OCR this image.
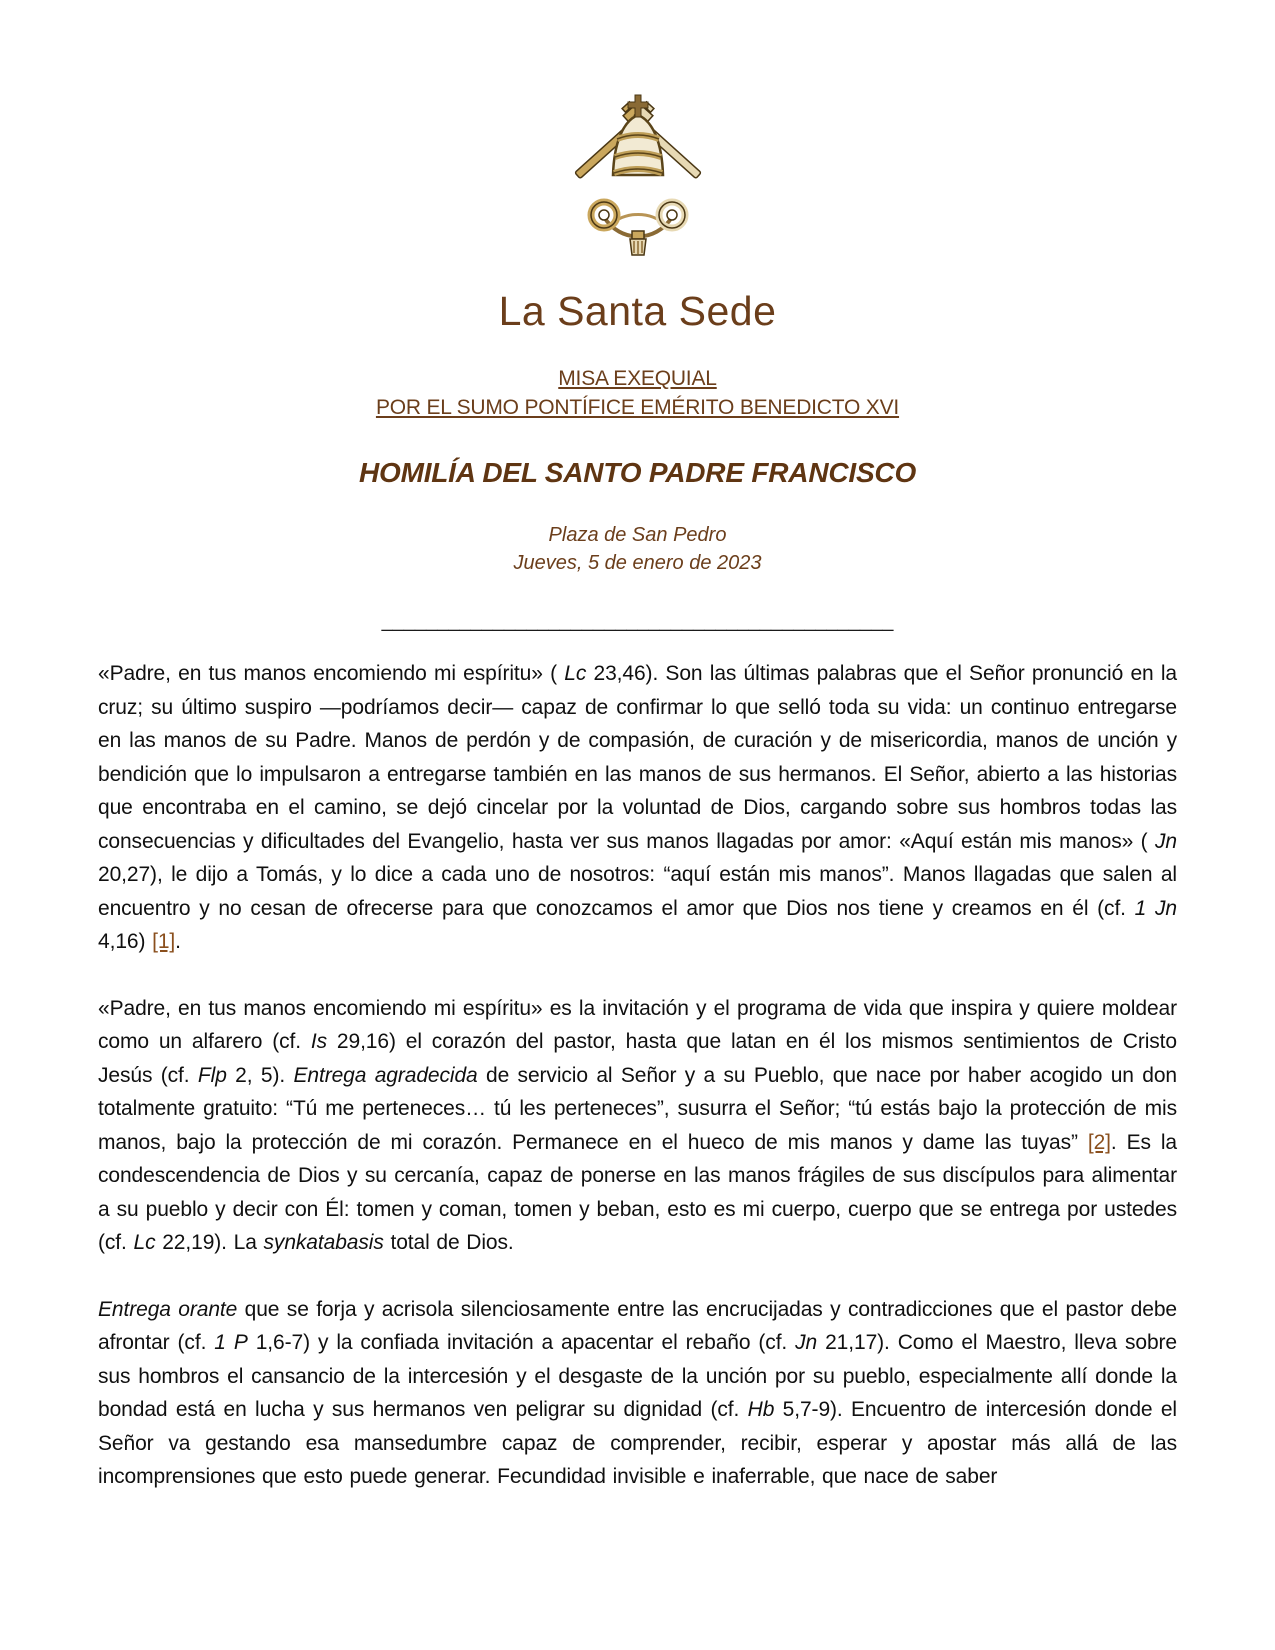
La Santa Sede
MISA EXEQUIAL
POR EL SUMO PONTÍFICE EMÉRITO BENEDICTO XVI
HOMILÍA DEL SANTO PADRE FRANCISCO
Plaza de San Pedro
Jueves, 5 de enero de 2023
______________________________________________

«Padre, en tus manos encomiendo mi espíritu» ( Lc 23,46). Son las últimas palabras que el Señor pronunció en la cruz; su último suspiro —podríamos decir— capaz de confirmar lo que selló toda su vida: un continuo entregarse en las manos de su Padre. Manos de perdón y de compasión, de curación y de misericordia, manos de unción y bendición que lo impulsaron a entregarse también en las manos de sus hermanos. El Señor, abierto a las historias que encontraba en el camino, se dejó cincelar por la voluntad de Dios, cargando sobre sus hombros todas las consecuencias y dificultades del Evangelio, hasta ver sus manos llagadas por amor: «Aquí están mis manos» ( Jn 20,27), le dijo a Tomás, y lo dice a cada uno de nosotros: “aquí están mis manos”. Manos llagadas que salen al encuentro y no cesan de ofrecerse para que conozcamos el amor que Dios nos tiene y creamos en él (cf. 1 Jn 4,16) [1].

«Padre, en tus manos encomiendo mi espíritu» es la invitación y el programa de vida que inspira y quiere moldear como un alfarero (cf. Is 29,16) el corazón del pastor, hasta que latan en él los mismos sentimientos de Cristo Jesús (cf. Flp 2, 5). Entrega agradecida de servicio al Señor y a su Pueblo, que nace por haber acogido un don totalmente gratuito: “Tú me perteneces… tú les perteneces”, susurra el Señor; “tú estás bajo la protección de mis manos, bajo la protección de mi corazón. Permanece en el hueco de mis manos y dame las tuyas” [2]. Es la condescendencia de Dios y su cercanía, capaz de ponerse en las manos frágiles de sus discípulos para alimentar a su pueblo y decir con Él: tomen y coman, tomen y beban, esto es mi cuerpo, cuerpo que se entrega por ustedes (cf. Lc 22,19). La synkatabasis total de Dios.

Entrega orante que se forja y acrisola silenciosamente entre las encrucijadas y contradicciones que el pastor debe afrontar (cf. 1 P 1,6-7) y la confiada invitación a apacentar el rebaño (cf. Jn 21,17). Como el Maestro, lleva sobre sus hombros el cansancio de la intercesión y el desgaste de la unción por su pueblo, especialmente allí donde la bondad está en lucha y sus hermanos ven peligrar su dignidad (cf. Hb 5,7-9). Encuentro de intercesión donde el Señor va gestando esa mansedumbre capaz de comprender, recibir, esperar y apostar más allá de las incomprensiones que esto puede generar. Fecundidad invisible e inaferrable, que nace de saber
